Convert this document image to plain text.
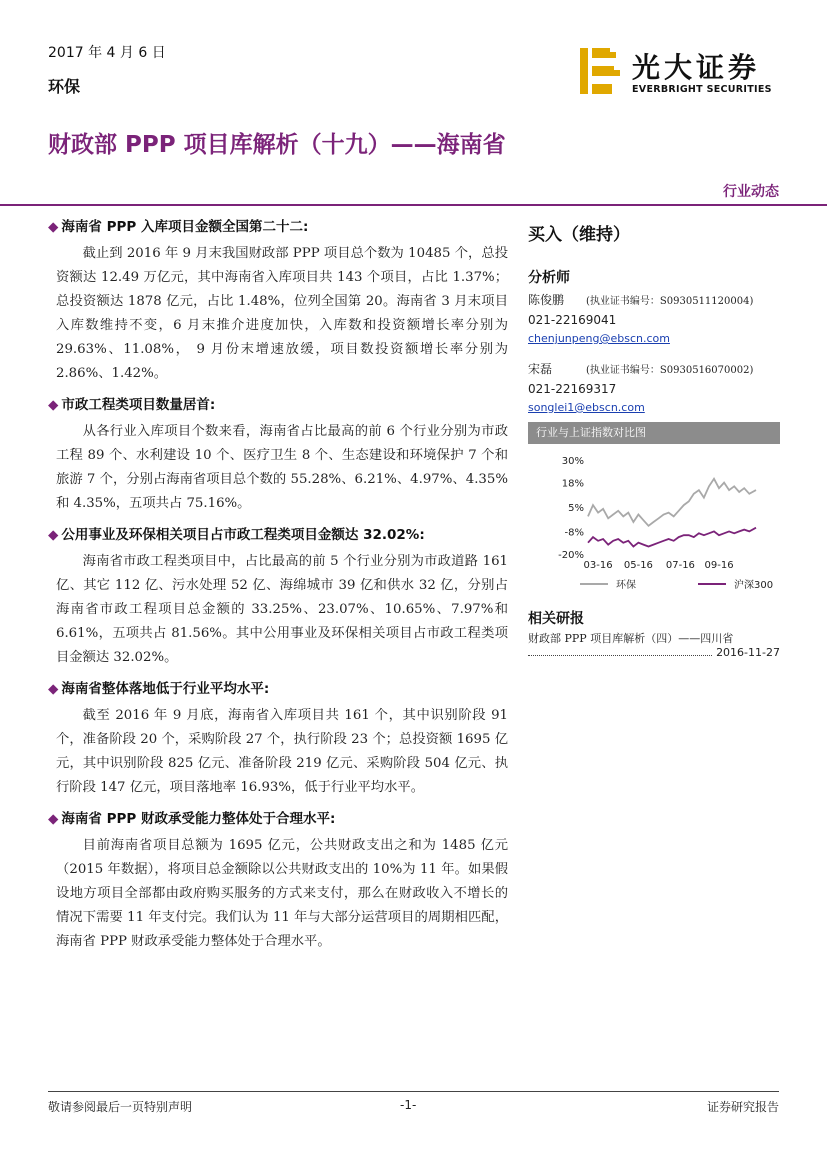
2017 年 4 月 6 日
环保
光大证券
EVERBRIGHT SECURITIES
财政部 PPP 项目库解析（十九）——海南省
行业动态
◆ 海南省 PPP 入库项目金额全国第二十二:
截止到 2016 年 9 月末我国财政部 PPP 项目总个数为 10485 个，总投资额达 12.49 万亿元，其中海南省入库项目共 143 个项目，占比 1.37%；总投资额达 1878 亿元，占比 1.48%，位列全国第 20。海南省 3 月末项目入库数维持不变，6 月末推介进度加快，入库数和投资额增长率分别为 29.63%、11.08%， 9 月份末增速放缓，项目数投资额增长率分别为 2.86%、1.42%。
◆ 市政工程类项目数量居首:
从各行业入库项目个数来看，海南省占比最高的前 6 个行业分别为市政工程 89 个、水利建设 10 个、医疗卫生 8 个、生态建设和环境保护 7 个和旅游 7 个，分别占海南省项目总个数的 55.28%、6.21%、4.97%、4.35%和 4.35%，五项共占 75.16%。
◆ 公用事业及环保相关项目占市政工程类项目金额达 32.02%:
海南省市政工程类项目中，占比最高的前 5 个行业分别为市政道路 161 亿、其它 112 亿、污水处理 52 亿、海绵城市 39 亿和供水 32 亿，分别占海南省市政工程项目总金额的 33.25%、23.07%、10.65%、7.97%和 6.61%，五项共占 81.56%。其中公用事业及环保相关项目占市政工程类项目金额达 32.02%。
◆ 海南省整体落地低于行业平均水平:
截至 2016 年 9 月底，海南省入库项目共 161 个，其中识别阶段 91 个，准备阶段 20 个，采购阶段 27 个，执行阶段 23 个；总投资额 1695 亿元，其中识别阶段 825 亿元、准备阶段 219 亿元、采购阶段 504 亿元、执行阶段 147 亿元，项目落地率 16.93%，低于行业平均水平。
◆ 海南省 PPP 财政承受能力整体处于合理水平:
目前海南省项目总额为 1695 亿元，公共财政支出之和为 1485 亿元（2015 年数据），将项目总金额除以公共财政支出的 10%为 11 年。如果假设地方项目全部都由政府购买服务的方式来支付，那么在财政收入不增长的情况下需要 11 年支付完。我们认为 11 年与大部分运营项目的周期相匹配，海南省 PPP 财政承受能力整体处于合理水平。
买入（维持）
分析师
陈俊鹏 (执业证书编号：S0930511120004)
021-22169041
chenjunpeng@ebscn.com
宋磊	(执业证书编号：S0930516070002)
021-22169317
songlei1@ebscn.com
行业与上证指数对比图
30%
18%
5%
-8%
-20%
03-16 05-16 07-16 09-16
环保	沪深300
相关研报
财政部 PPP 项目库解析（四）——四川省
2016-11-27
敬请参阅最后一页特别声明	-1-	证券研究报告
